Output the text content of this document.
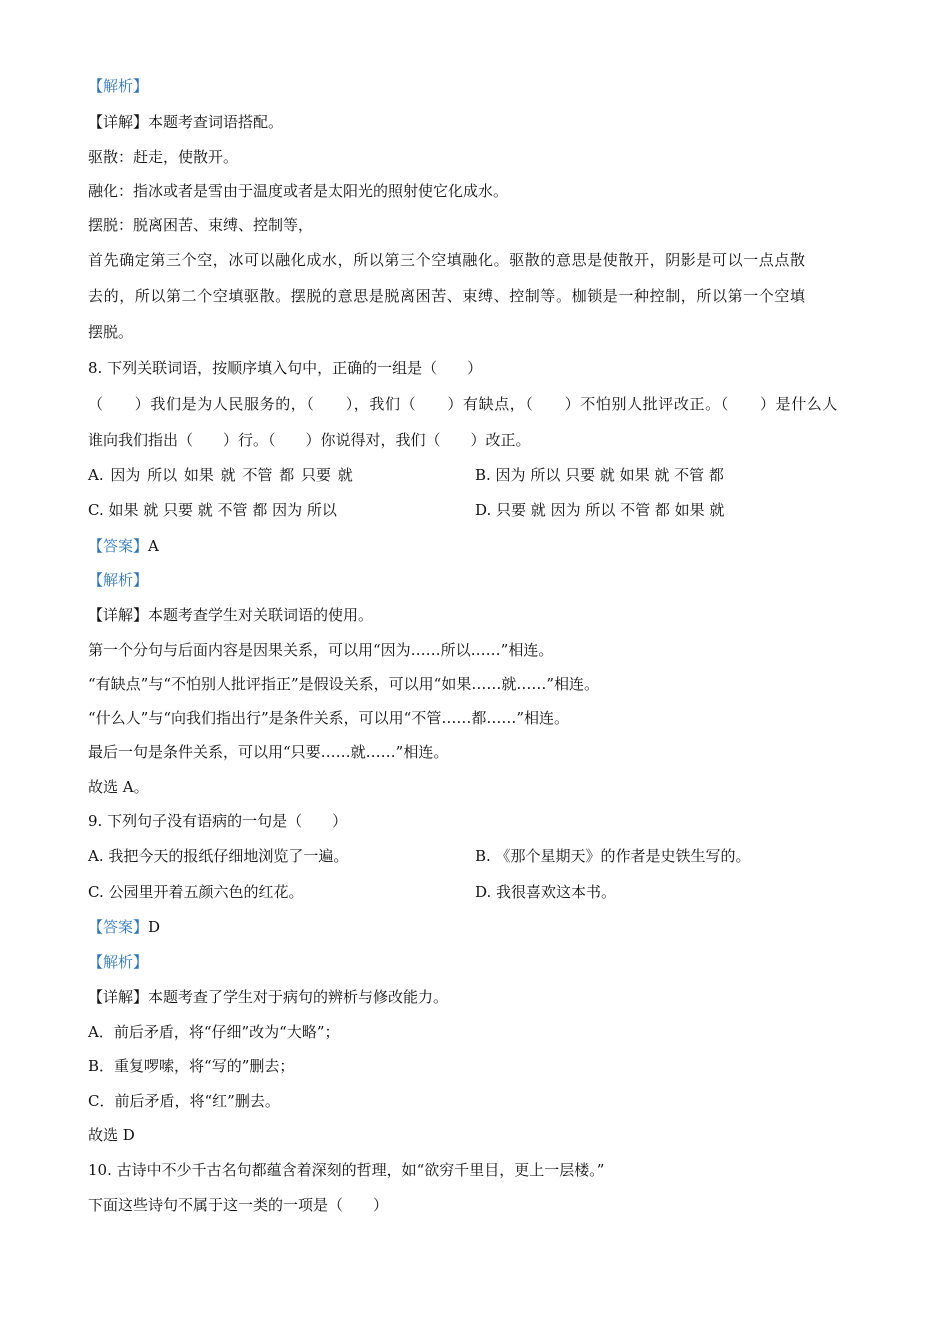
【解析】
【详解】本题考查词语搭配。
驱散：赶走，使散开。
融化：指冰或者是雪由于温度或者是太阳光的照射使它化成水。
摆脱：脱离困苦、束缚、控制等，
首先确定第三个空，冰可以融化成水，所以第三个空填融化。驱散的意思是使散开，阴影是可以一点点散
去的，所以第二个空填驱散。摆脱的意思是脱离困苦、束缚、控制等。枷锁是一种控制，所以第一个空填
摆脱。
8. 下列关联词语，按顺序填入句中，正确的一组是（　　）
（　　）我们是为人民服务的，（　　），我们（　　）有缺点，（　　）不怕别人批评改正。（　　）是什么人
谁向我们指出（　　）行。（　　）你说得对，我们（　　）改正。
A. 因为 所以 如果 就 不管 都 只要 就	B. 因为 所以 只要 就 如果 就 不管 都
C. 如果 就 只要 就 不管 都 因为 所以	D. 只要 就 因为 所以 不管 都 如果 就
【答案】A
【解析】
【详解】本题考查学生对关联词语的使用。
第一个分句与后面内容是因果关系，可以用“因为……所以……”相连。
“有缺点”与“不怕别人批评指正”是假设关系，可以用“如果……就……”相连。
“什么人”与“向我们指出行”是条件关系，可以用“不管……都……”相连。
最后一句是条件关系，可以用“只要……就……”相连。
故选 A。
9. 下列句子没有语病的一句是（　　）
A. 我把今天的报纸仔细地浏览了一遍。	B. 《那个星期天》的作者是史铁生写的。
C. 公园里开着五颜六色的红花。	D. 我很喜欢这本书。
【答案】D
【解析】
【详解】本题考查了学生对于病句的辨析与修改能力。
A．前后矛盾，将“仔细”改为“大略”；
B．重复啰嗦，将“写的”删去；
C．前后矛盾，将“红”删去。
故选 D
10. 古诗中不少千古名句都蕴含着深刻的哲理，如“欲穷千里目，更上一层楼。”
下面这些诗句不属于这一类的一项是（　　）
